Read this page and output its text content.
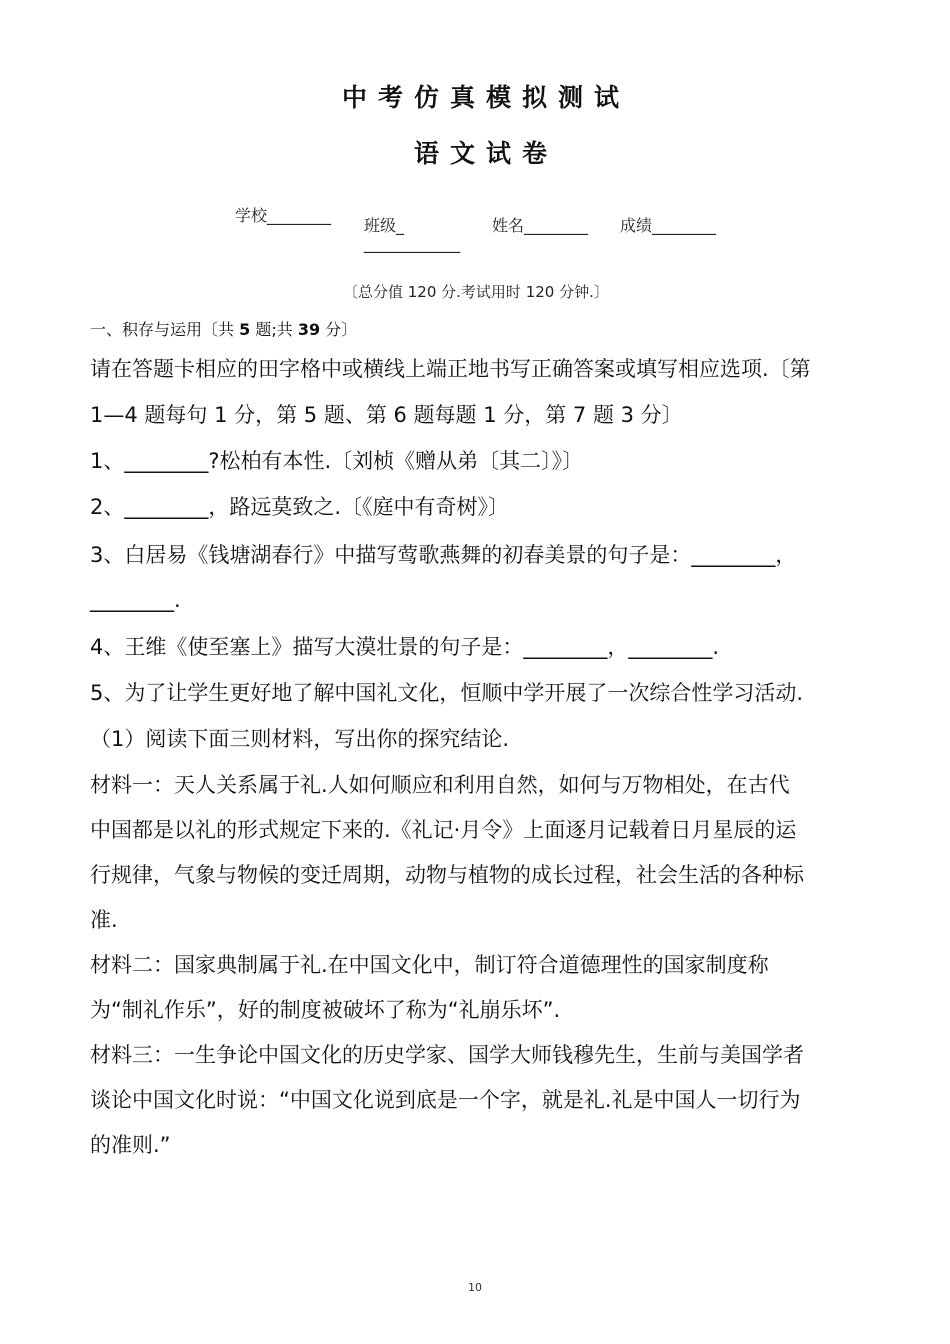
中考仿真模拟测试
语文试卷
学校________
班级_
____________
姓名________ 成绩________
〔总分值 120 分.考试用时 120 分钟.〕
一、积存与运用〔共 5 题;共 39 分〕
请在答题卡相应的田字格中或横线上端正地书写正确答案或填写相应选项.〔第
1—4 题每句 1 分，第 5 题、第 6 题每题 1 分，第 7 题 3 分〕
1、________?松柏有本性.〔刘桢《赠从弟〔其二〕》〕
2、________，路远莫致之.〔《庭中有奇树》〕
3、白居易《钱塘湖春行》中描写莺歌燕舞的初春美景的句子是：________，
________.
4、王维《使至塞上》描写大漠壮景的句子是：________，________.
5、为了让学生更好地了解中国礼文化，恒顺中学开展了一次综合性学习活动.
（1）阅读下面三则材料，写出你的探究结论.
材料一：天人关系属于礼.人如何顺应和利用自然，如何与万物相处，在古代
中国都是以礼的形式规定下来的.《礼记·月令》上面逐月记载着日月星辰的运
行规律，气象与物候的变迁周期，动物与植物的成长过程，社会生活的各种标
准.
材料二：国家典制属于礼.在中国文化中，制订符合道德理性的国家制度称
为“制礼作乐”，好的制度被破坏了称为“礼崩乐坏”.
材料三：一生争论中国文化的历史学家、国学大师钱穆先生，生前与美国学者
谈论中国文化时说：“中国文化说到底是一个字，就是礼.礼是中国人一切行为
的准则.”
10
